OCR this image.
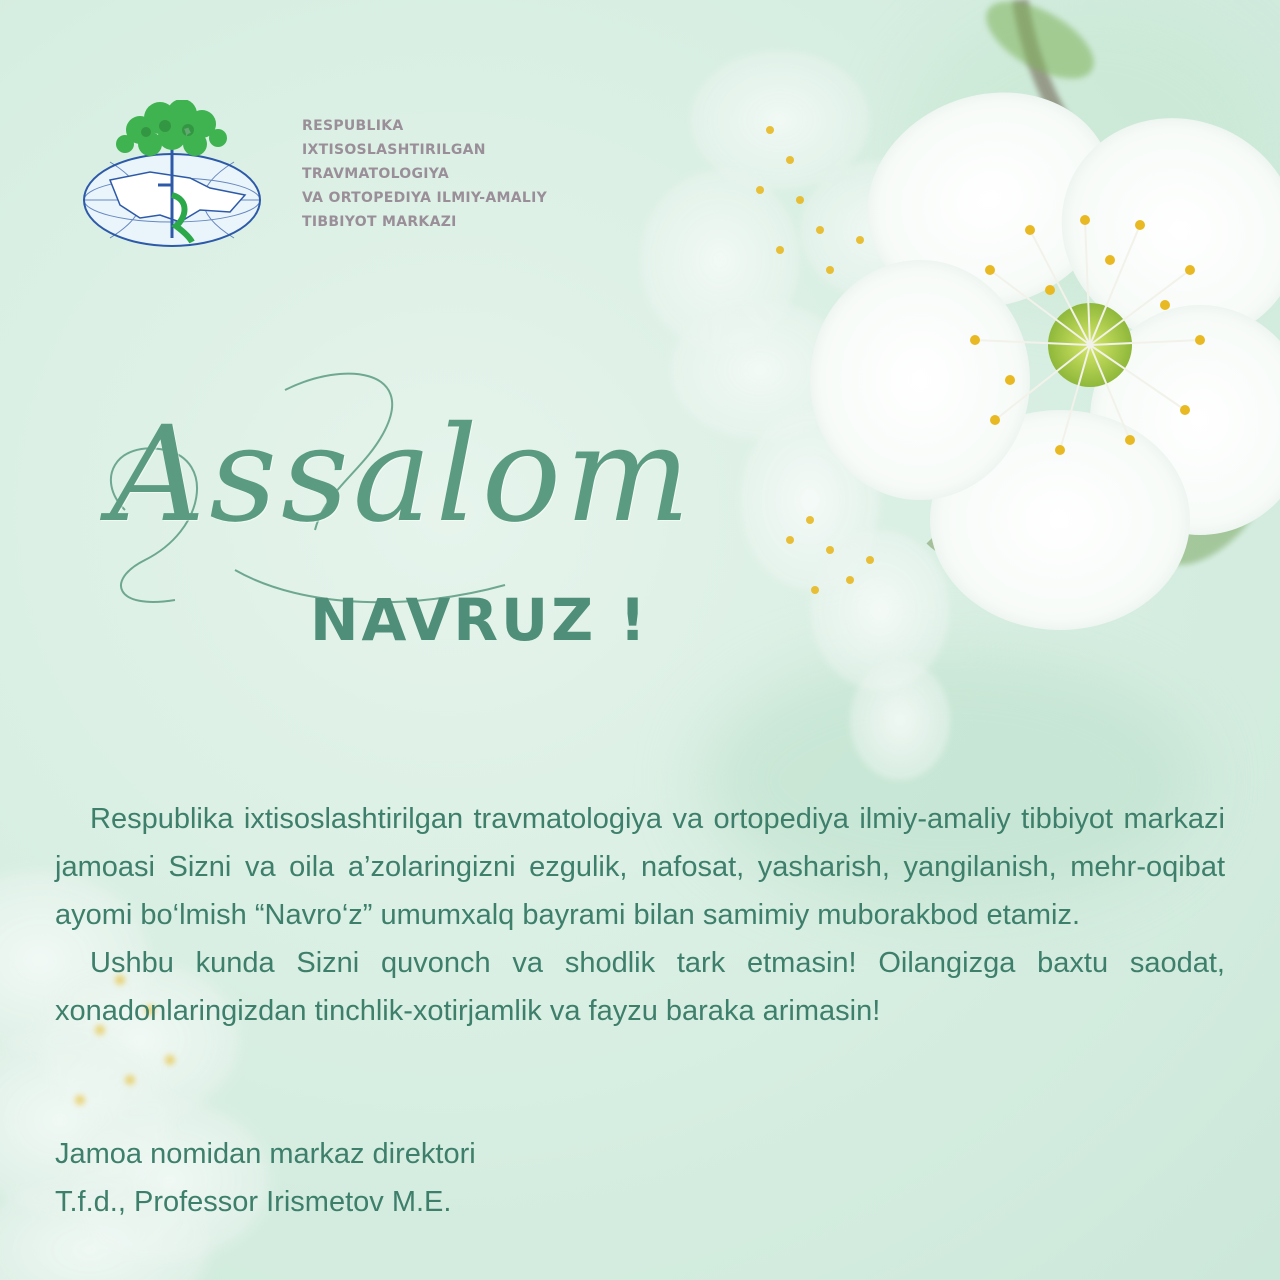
RESPUBLIKA
IXTISOSLASHTIRILGAN
TRAVMATOLOGIYA
VA ORTOPEDIYA ILMIY-AMALIY
TIBBIYOT MARKAZI
Assalom
NAVRUZ !

Respublika ixtisoslashtirilgan travmatologiya va ortopediya ilmiy-amaliy tibbiyot markazi jamoasi Sizni va oila a’zolaringizni ezgulik, nafosat, yasharish, yangilanish, mehr-oqibat ayomi bo‘lmish “Navro‘z” umumxalq bayrami bilan samimiy muborakbod etamiz.

Ushbu kunda Sizni quvonch va shodlik tark etmasin! Oilangizga baxtu saodat, xonadonlaringizdan tinchlik-xotirjamlik va fayzu baraka arimasin!

Jamoa nomidan markaz direktori
T.f.d., Professor Irismetov M.E.
